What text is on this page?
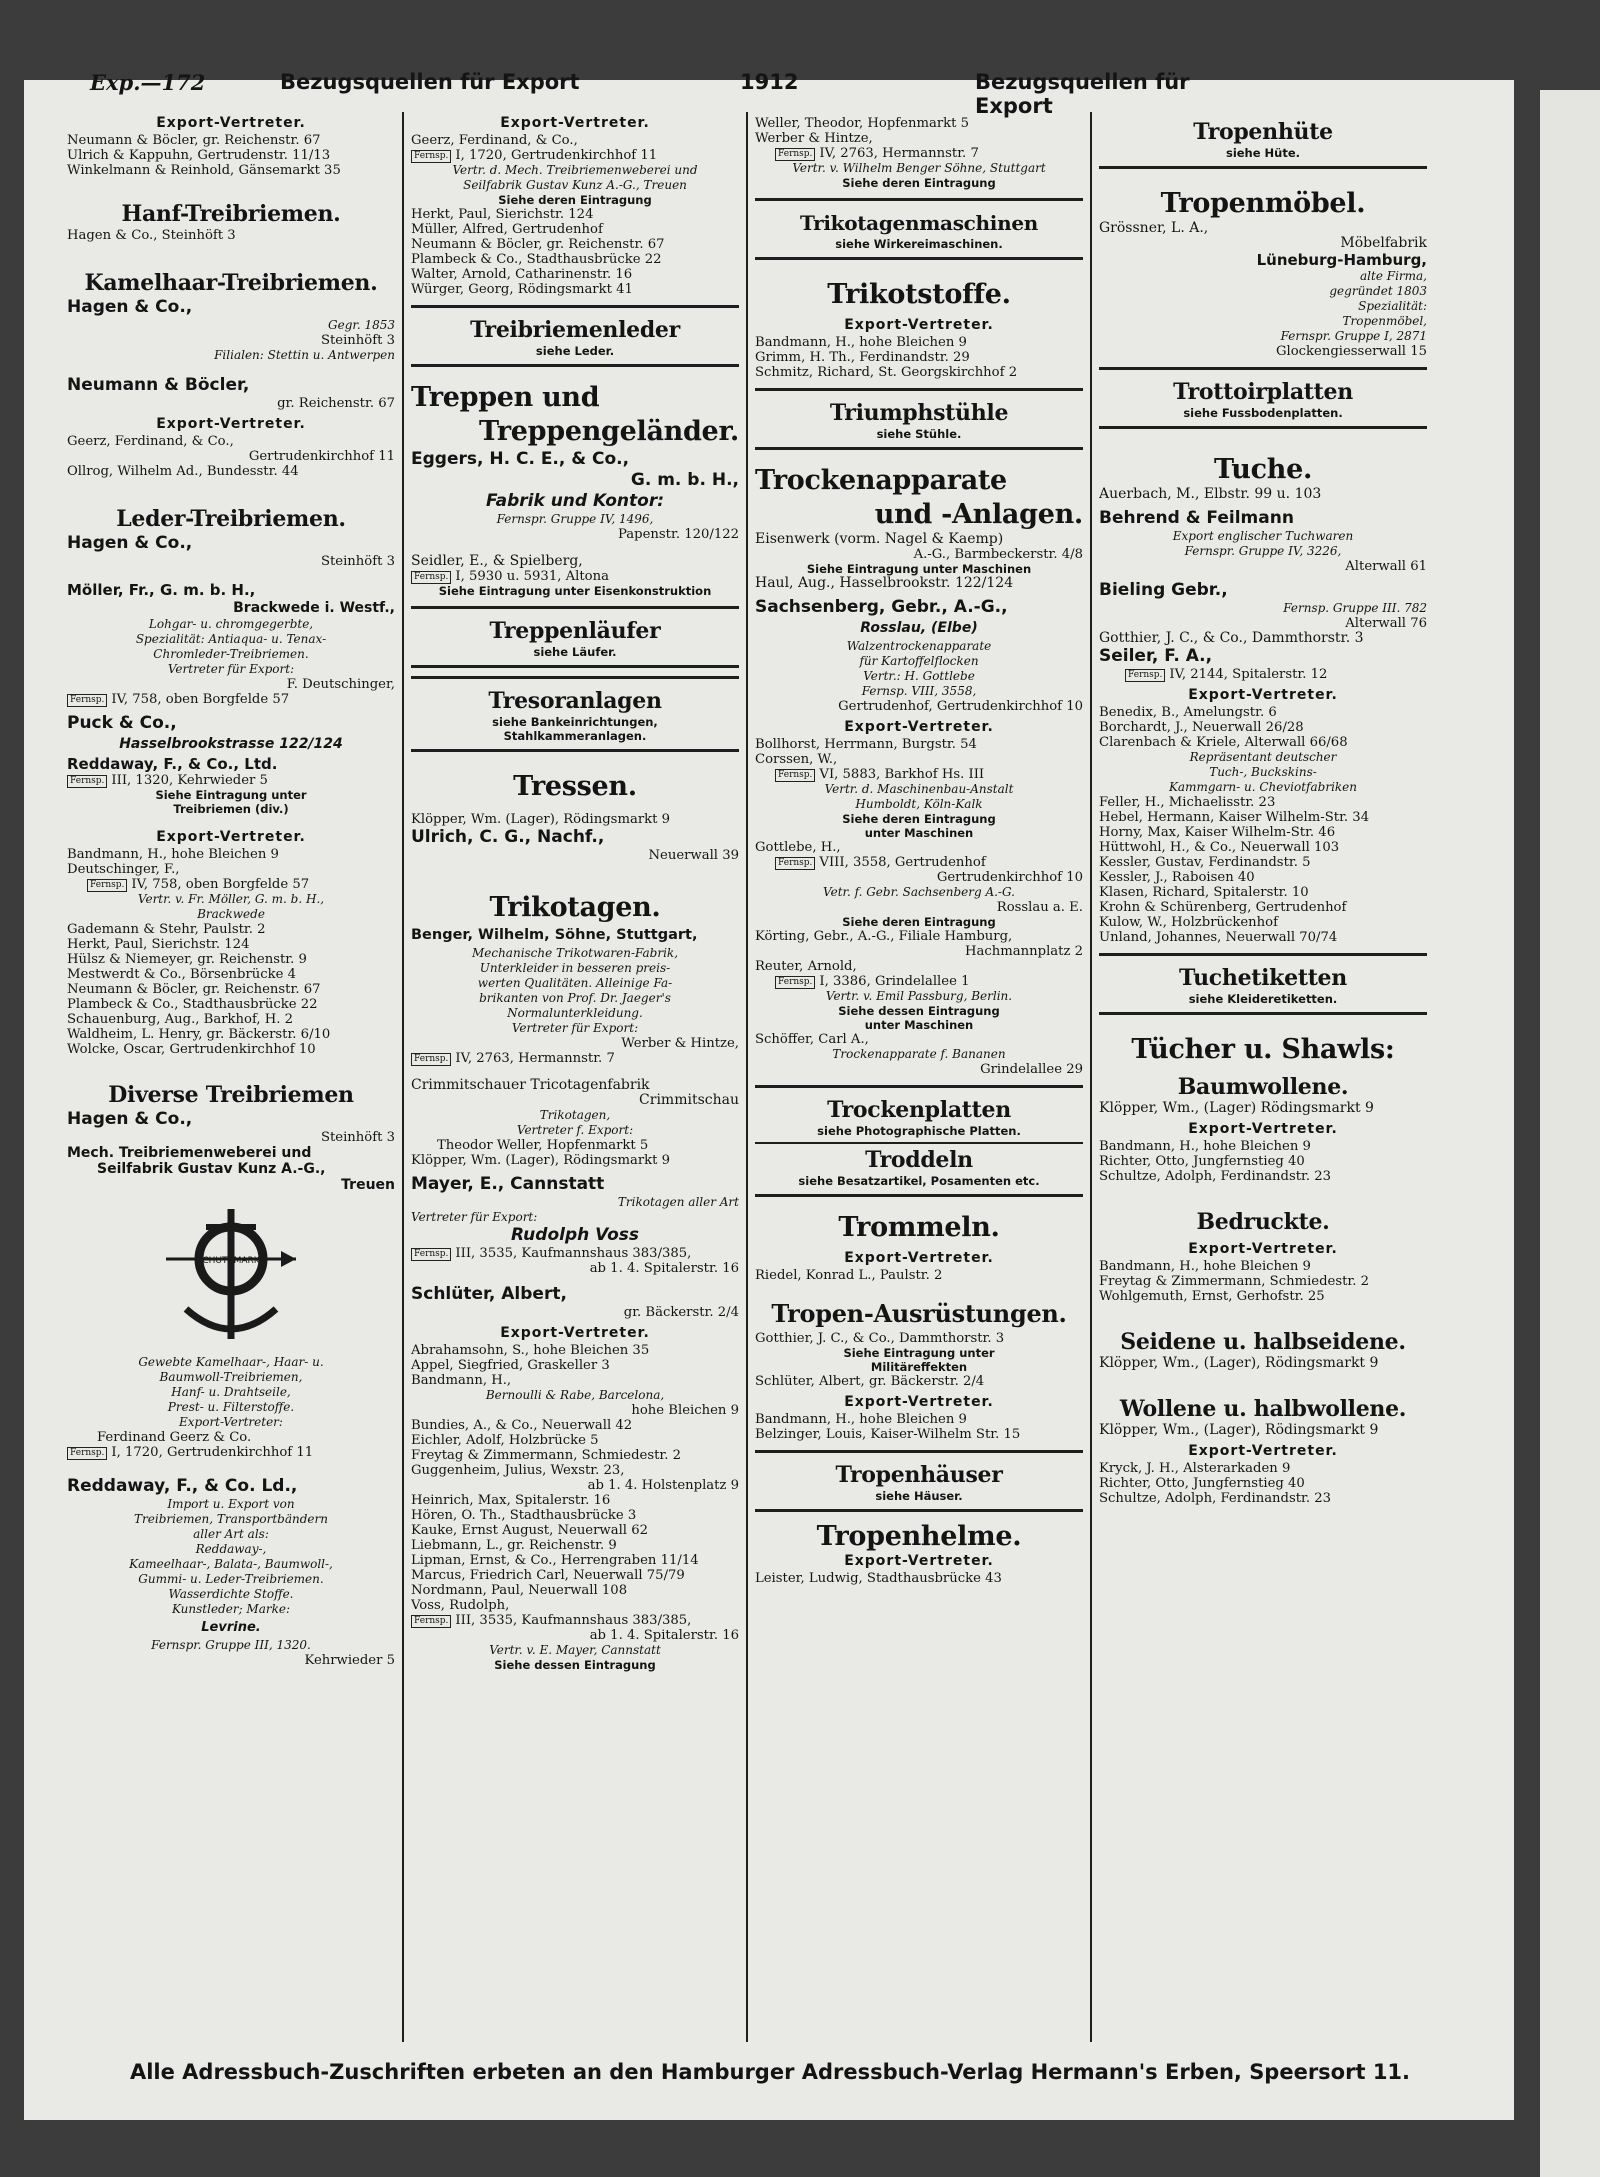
Exp.—172	Bezugsquellen für Export	1912	Bezugsquellen für Export
Export-Vertreter.
Neumann & Böcler, gr. Reichenstr. 67
Ulrich & Kappuhn, Gertrudenstr. 11/13
Winkelmann & Reinhold, Gänsemarkt 35
Hanf-Treibriemen.
Hagen & Co., Steinhöft 3
Kamelhaar-Treibriemen.
Hagen & Co.,
Gegr. 1853
Steinhöft 3
Filialen: Stettin u. Antwerpen
Neumann & Böcler,
gr. Reichenstr. 67
Export-Vertreter.
Geerz, Ferdinand, & Co.,
Gertrudenkirchhof 11
Ollrog, Wilhelm Ad., Bundesstr. 44
Leder-Treibriemen.
Hagen & Co.,
Steinhöft 3
Möller, Fr., G. m. b. H.,
Brackwede i. Westf.,
Lohgar- u. chromgegerbte,
Spezialität: Antiaqua- u. Tenax-
Chromleder-Treibriemen.
Vertreter für Export:
F. Deutschinger,
Fernsp. IV, 758, oben Borgfelde 57
Puck & Co.,
Hasselbrookstrasse 122/124
Reddaway, F., & Co., Ltd.
Fernsp. III, 1320, Kehrwieder 5
Siehe Eintragung unter
Treibriemen (div.)
Export-Vertreter.
Bandmann, H., hohe Bleichen 9
Deutschinger, F.,
Fernsp. IV, 758, oben Borgfelde 57
Vertr. v. Fr. Möller, G. m. b. H.,
Brackwede
Gademann & Stehr, Paulstr. 2
Herkt, Paul, Sierichstr. 124
Hülsz & Niemeyer, gr. Reichenstr. 9
Mestwerdt & Co., Börsenbrücke 4
Neumann & Böcler, gr. Reichenstr. 67
Plambeck & Co., Stadthausbrücke 22
Schauenburg, Aug., Barkhof, H. 2
Waldheim, L. Henry, gr. Bäckerstr. 6/10
Wolcke, Oscar, Gertrudenkirchhof 10
Diverse Treibriemen
Hagen & Co.,
Steinhöft 3
Mech. Treibriemenweberei und
Seilfabrik Gustav Kunz A.-G.,
Treuen
SCHUTZMARKE
Gewebte Kamelhaar-, Haar- u.
Baumwoll-Treibriemen,
Hanf- u. Drahtseile,
Prest- u. Filterstoffe.
Export-Vertreter:
Ferdinand Geerz & Co.
Fernsp. I, 1720, Gertrudenkirchhof 11
Reddaway, F., & Co. Ld.,
Import u. Export von
Treibriemen, Transportbändern
aller Art als:
Reddaway-,
Kameelhaar-, Balata-, Baumwoll-,
Gummi- u. Leder-Treibriemen.
Wasserdichte Stoffe.
Kunstleder; Marke:
Levrine.
Fernspr. Gruppe III, 1320.
Kehrwieder 5
Export-Vertreter.
Geerz, Ferdinand, & Co.,
Fernsp. I, 1720, Gertrudenkirchhof 11
Vertr. d. Mech. Treibriemenweberei und
Seilfabrik Gustav Kunz A.-G., Treuen
Siehe deren Eintragung
Herkt, Paul, Sierichstr. 124
Müller, Alfred, Gertrudenhof
Neumann & Böcler, gr. Reichenstr. 67
Plambeck & Co., Stadthausbrücke 22
Walter, Arnold, Catharinenstr. 16
Würger, Georg, Rödingsmarkt 41
Treibriemenleder
siehe Leder.
Treppen und
Treppengeländer.
Eggers, H. C. E., & Co.,
G. m. b. H.,
Fabrik und Kontor:
Fernspr. Gruppe IV, 1496,
Papenstr. 120/122
Seidler, E., & Spielberg,
Fernsp. I, 5930 u. 5931, Altona
Siehe Eintragung unter Eisenkonstruktion
Treppenläufer
siehe Läufer.
Tresoranlagen
siehe Bankeinrichtungen,
Stahlkammeranlagen.
Tressen.
Klöpper, Wm. (Lager), Rödingsmarkt 9
Ulrich, C. G., Nachf.,
Neuerwall 39
Trikotagen.
Benger, Wilhelm, Söhne, Stuttgart,
Mechanische Trikotwaren-Fabrik,
Unterkleider in besseren preis-
werten Qualitäten. Alleinige Fa-
brikanten von Prof. Dr. Jaeger's
Normalunterkleidung.
Vertreter für Export:
Werber & Hintze,
Fernsp. IV, 2763, Hermannstr. 7
Crimmitschauer Tricotagenfabrik
Crimmitschau
Trikotagen,
Vertreter f. Export:
Theodor Weller, Hopfenmarkt 5
Klöpper, Wm. (Lager), Rödingsmarkt 9
Mayer, E., Cannstatt
Trikotagen aller Art
Vertreter für Export:
Rudolph Voss
Fernsp. III, 3535, Kaufmannshaus 383/385,
ab 1. 4. Spitalerstr. 16
Schlüter, Albert,
gr. Bäckerstr. 2/4
Export-Vertreter.
Abrahamsohn, S., hohe Bleichen 35
Appel, Siegfried, Graskeller 3
Bandmann, H.,
Bernoulli & Rabe, Barcelona,
hohe Bleichen 9
Bundies, A., & Co., Neuerwall 42
Eichler, Adolf, Holzbrücke 5
Freytag & Zimmermann, Schmiedestr. 2
Guggenheim, Julius, Wexstr. 23,
ab 1. 4. Holstenplatz 9
Heinrich, Max, Spitalerstr. 16
Hören, O. Th., Stadthausbrücke 3
Kauke, Ernst August, Neuerwall 62
Liebmann, L., gr. Reichenstr. 9
Lipman, Ernst, & Co., Herrengraben 11/14
Marcus, Friedrich Carl, Neuerwall 75/79
Nordmann, Paul, Neuerwall 108
Voss, Rudolph,
Fernsp. III, 3535, Kaufmannshaus 383/385,
ab 1. 4. Spitalerstr. 16
Vertr. v. E. Mayer, Cannstatt
Siehe dessen Eintragung
Weller, Theodor, Hopfenmarkt 5
Werber & Hintze,
Fernsp. IV, 2763, Hermannstr. 7
Vertr. v. Wilhelm Benger Söhne, Stuttgart
Siehe deren Eintragung
Trikotagenmaschinen
siehe Wirkereimaschinen.
Trikotstoffe.
Export-Vertreter.
Bandmann, H., hohe Bleichen 9
Grimm, H. Th., Ferdinandstr. 29
Schmitz, Richard, St. Georgskirchhof 2
Triumphstühle
siehe Stühle.
Trockenapparate
und -Anlagen.
Eisenwerk (vorm. Nagel & Kaemp)
A.-G., Barmbeckerstr. 4/8
Siehe Eintragung unter Maschinen
Haul, Aug., Hasselbrookstr. 122/124
Sachsenberg, Gebr., A.-G.,
Rosslau, (Elbe)
Walzentrockenapparate
für Kartoffelflocken
Vertr.: H. Gottlebe
Fernsp. VIII, 3558,
Gertrudenhof, Gertrudenkirchhof 10
Export-Vertreter.
Bollhorst, Herrmann, Burgstr. 54
Corssen, W.,
Fernsp. VI, 5883, Barkhof Hs. III
Vertr. d. Maschinenbau-Anstalt
Humboldt, Köln-Kalk
Siehe deren Eintragung
unter Maschinen
Gottlebe, H.,
Fernsp. VIII, 3558, Gertrudenhof
Gertrudenkirchhof 10
Vetr. f. Gebr. Sachsenberg A.-G.
Rosslau a. E.
Siehe deren Eintragung
Körting, Gebr., A.-G., Filiale Hamburg,
Hachmannplatz 2
Reuter, Arnold,
Fernsp. I, 3386, Grindelallee 1
Vertr. v. Emil Passburg, Berlin.
Siehe dessen Eintragung
unter Maschinen
Schöffer, Carl A.,
Trockenapparate f. Bananen
Grindelallee 29
Trockenplatten
siehe Photographische Platten.
Troddeln
siehe Besatzartikel, Posamenten etc.
Trommeln.
Export-Vertreter.
Riedel, Konrad L., Paulstr. 2
Tropen-Ausrüstungen.
Gotthier, J. C., & Co., Dammthorstr. 3
Siehe Eintragung unter
Militäreffekten
Schlüter, Albert, gr. Bäckerstr. 2/4
Export-Vertreter.
Bandmann, H., hohe Bleichen 9
Belzinger, Louis, Kaiser-Wilhelm Str. 15
Tropenhäuser
siehe Häuser.
Tropenhelme.
Export-Vertreter.
Leister, Ludwig, Stadthausbrücke 43
Tropenhüte
siehe Hüte.
Tropenmöbel.
Grössner, L. A.,
Möbelfabrik
Lüneburg-Hamburg,
alte Firma,
gegründet 1803
Spezialität:
Tropenmöbel,
Fernspr. Gruppe I, 2871
Glockengiesserwall 15
Trottoirplatten
siehe Fussbodenplatten.
Tuche.
Auerbach, M., Elbstr. 99 u. 103
Behrend & Feilmann
Export englischer Tuchwaren
Fernspr. Gruppe IV, 3226,
Alterwall 61
Bieling Gebr.,
Fernsp. Gruppe III. 782
Alterwall 76
Gotthier, J. C., & Co., Dammthorstr. 3
Seiler, F. A.,
Fernsp. IV, 2144, Spitalerstr. 12
Export-Vertreter.
Benedix, B., Amelungstr. 6
Borchardt, J., Neuerwall 26/28
Clarenbach & Kriele, Alterwall 66/68
Repräsentant deutscher
Tuch-, Buckskins-
Kammgarn- u. Cheviotfabriken
Feller, H., Michaelisstr. 23
Hebel, Hermann, Kaiser Wilhelm-Str. 34
Horny, Max, Kaiser Wilhelm-Str. 46
Hüttwohl, H., & Co., Neuerwall 103
Kessler, Gustav, Ferdinandstr. 5
Kessler, J., Raboisen 40
Klasen, Richard, Spitalerstr. 10
Krohn & Schürenberg, Gertrudenhof
Kulow, W., Holzbrückenhof
Unland, Johannes, Neuerwall 70/74
Tuchetiketten
siehe Kleideretiketten.
Tücher u. Shawls:
Baumwollene.
Klöpper, Wm., (Lager) Rödingsmarkt 9
Export-Vertreter.
Bandmann, H., hohe Bleichen 9
Richter, Otto, Jungfernstieg 40
Schultze, Adolph, Ferdinandstr. 23
Bedruckte.
Export-Vertreter.
Bandmann, H., hohe Bleichen 9
Freytag & Zimmermann, Schmiedestr. 2
Wohlgemuth, Ernst, Gerhofstr. 25
Seidene u. halbseidene.
Klöpper, Wm., (Lager), Rödingsmarkt 9
Wollene u. halbwollene.
Klöpper, Wm., (Lager), Rödingsmarkt 9
Export-Vertreter.
Kryck, J. H., Alsterarkaden 9
Richter, Otto, Jungfernstieg 40
Schultze, Adolph, Ferdinandstr. 23
Alle Adressbuch-Zuschriften erbeten an den Hamburger Adressbuch-Verlag Hermann's Erben, Speersort 11.
